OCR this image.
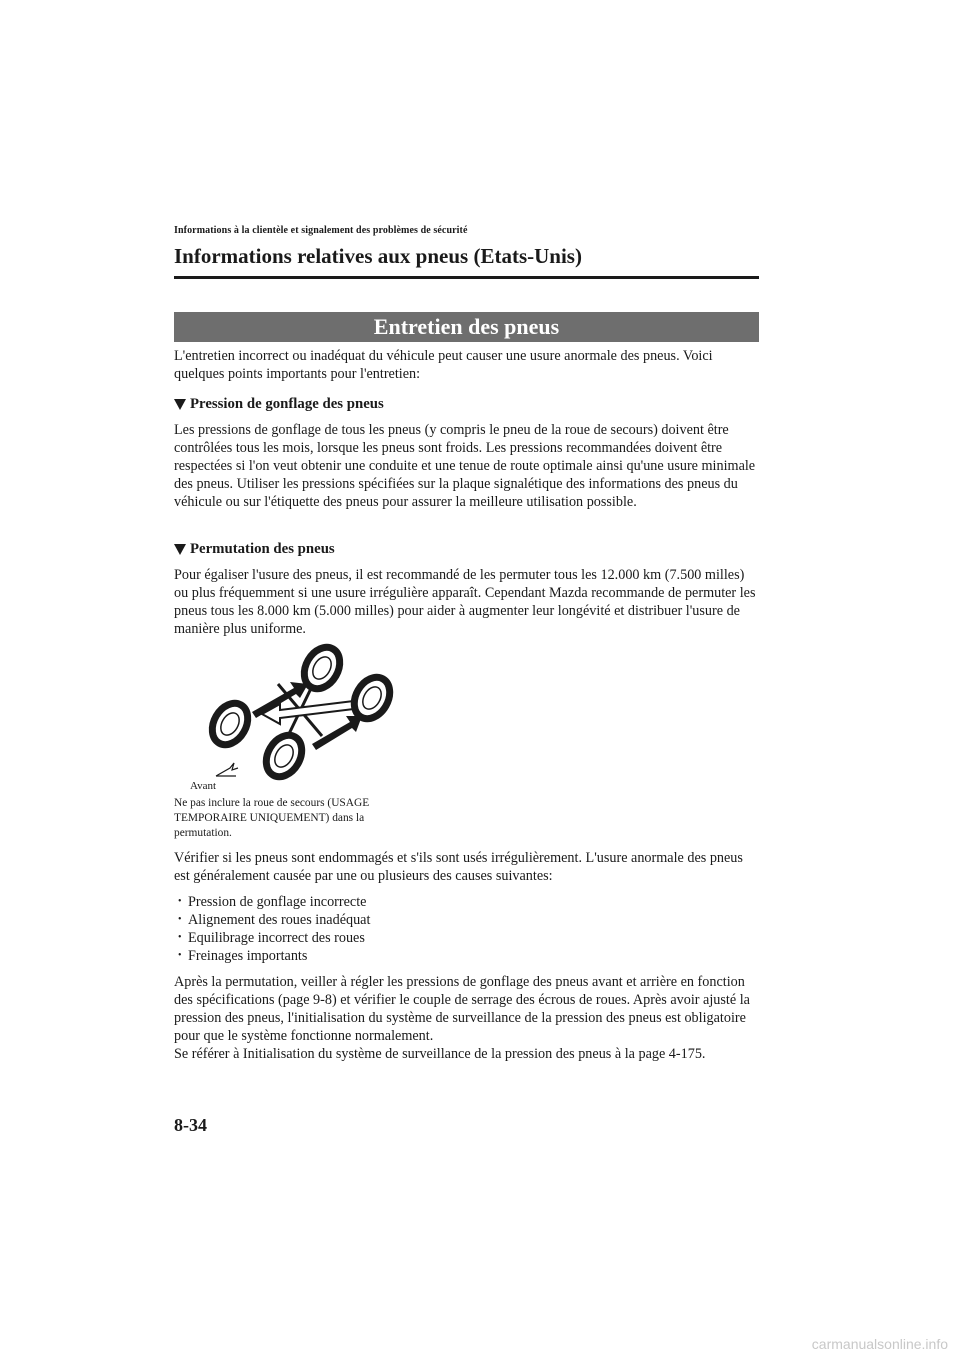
Informations à la clientèle et signalement des problèmes de sécurité
Informations relatives aux pneus (Etats-Unis)
Entretien des pneus
L'entretien incorrect ou inadéquat du véhicule peut causer une usure anormale des pneus. Voici quelques points importants pour l'entretien:
Pression de gonflage des pneus
Les pressions de gonflage de tous les pneus (y compris le pneu de la roue de secours) doivent être contrôlées tous les mois, lorsque les pneus sont froids. Les pressions recommandées doivent être respectées si l'on veut obtenir une conduite et une tenue de route optimale ainsi qu'une usure minimale des pneus. Utiliser les pressions spécifiées sur la plaque signalétique des informations des pneus du véhicule ou sur l'étiquette des pneus pour assurer la meilleure utilisation possible.
Permutation des pneus
Pour égaliser l'usure des pneus, il est recommandé de les permuter tous les 12.000 km (7.500 milles) ou plus fréquemment si une usure irrégulière apparaît. Cependant Mazda recommande de permuter les pneus tous les 8.000 km (5.000 milles) pour aider à augmenter leur longévité et distribuer l'usure de manière plus uniforme.
Avant
Ne pas inclure la roue de secours (USAGE TEMPORAIRE UNIQUEMENT) dans la permutation.
Vérifier si les pneus sont endommagés et s'ils sont usés irrégulièrement. L'usure anormale des pneus est généralement causée par une ou plusieurs des causes suivantes:
• Pression de gonflage incorrecte
• Alignement des roues inadéquat
• Equilibrage incorrect des roues
• Freinages importants
Après la permutation, veiller à régler les pressions de gonflage des pneus avant et arrière en fonction des spécifications (page 9-8) et vérifier le couple de serrage des écrous de roues. Après avoir ajusté la pression des pneus, l'initialisation du système de surveillance de la pression des pneus est obligatoire pour que le système fonctionne normalement.
Se référer à Initialisation du système de surveillance de la pression des pneus à la page 4-175.
8-34
carmanualsonline.info
